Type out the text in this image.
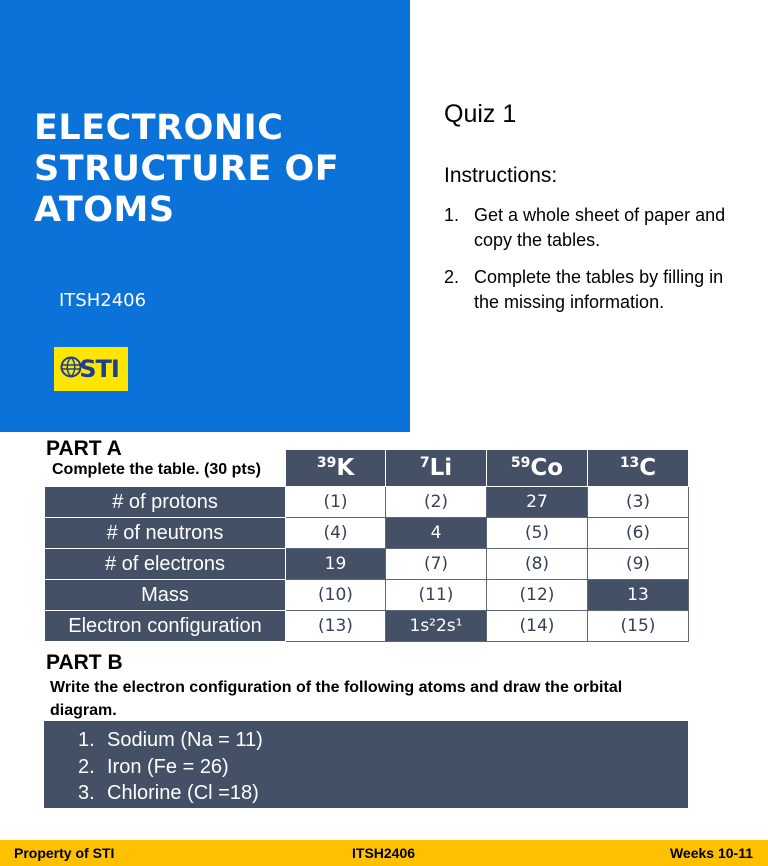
ELECTRONIC
STRUCTURE OF
ATOMS
ITSH2406
STI
Quiz 1
Instructions:
1. Get a whole sheet of paper and copy the tables.
2. Complete the tables by filling in the missing information.
	$^{39}$K	$^7$Li	$^{59}$Co	$^{13}$C
# of protons	(1)	(2)	27	(3)
# of neutrons	(4)	4	(5)	(6)
# of electrons	19	(7)	(8)	(9)
Mass	(10)	(11)	(12)	13
Electron configuration	(13)	1s²2s¹	(14)	(15)
PART A
Complete the table. (30 pts)
PART B
Write the electron configuration of the following atoms and draw the orbital diagram.
1. Sodium (Na = 11)
2. Iron (Fe = 26)
3. Chlorine (Cl =18)
Property of STI	ITSH2406	Weeks 10-11
